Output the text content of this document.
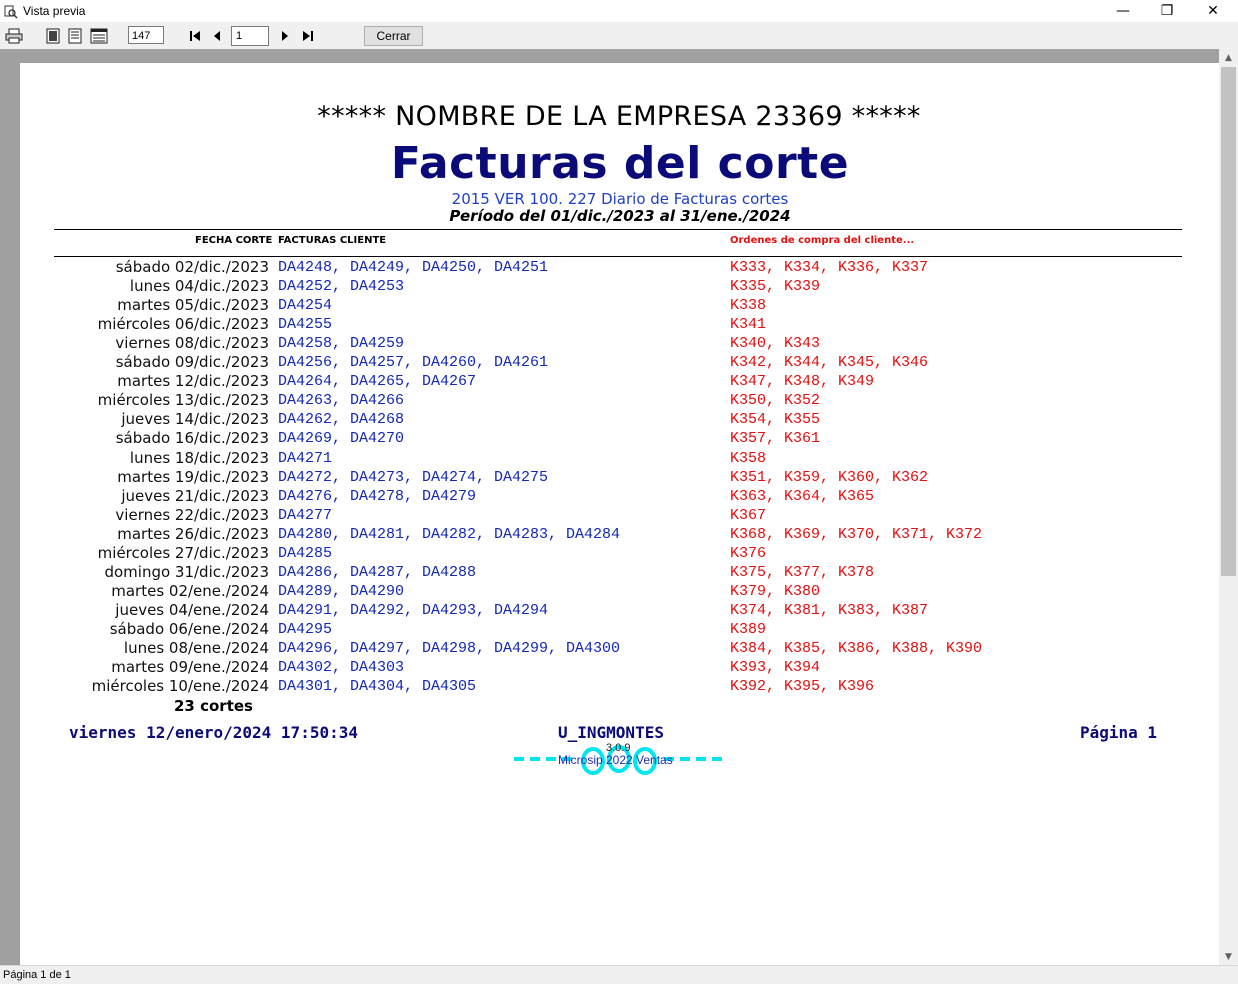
Vista previa	— ❐ ✕
147	1	Cerrar
***** NOMBRE DE LA EMPRESA 23369 *****
Facturas del corte
2015 VER 100. 227 Diario de Facturas cortes
Período del 01/dic./2023 al 31/ene./2024
FECHA CORTE FACTURAS CLIENTE	Ordenes de compra del cliente...
sábado 02/dic./2023 DA4248, DA4249, DA4250, DA4251	K333, K334, K336, K337
lunes 04/dic./2023 DA4252, DA4253	K335, K339
martes 05/dic./2023 DA4254	K338
miércoles 06/dic./2023 DA4255	K341
viernes 08/dic./2023 DA4258, DA4259	K340, K343
sábado 09/dic./2023 DA4256, DA4257, DA4260, DA4261	K342, K344, K345, K346
martes 12/dic./2023 DA4264, DA4265, DA4267	K347, K348, K349
miércoles 13/dic./2023 DA4263, DA4266	K350, K352
jueves 14/dic./2023 DA4262, DA4268	K354, K355
sábado 16/dic./2023 DA4269, DA4270	K357, K361
lunes 18/dic./2023 DA4271	K358
martes 19/dic./2023 DA4272, DA4273, DA4274, DA4275	K351, K359, K360, K362
jueves 21/dic./2023 DA4276, DA4278, DA4279	K363, K364, K365
viernes 22/dic./2023 DA4277	K367
martes 26/dic./2023 DA4280, DA4281, DA4282, DA4283, DA4284	K368, K369, K370, K371, K372
miércoles 27/dic./2023 DA4285	K376
domingo 31/dic./2023 DA4286, DA4287, DA4288	K375, K377, K378
martes 02/ene./2024 DA4289, DA4290	K379, K380
jueves 04/ene./2024 DA4291, DA4292, DA4293, DA4294	K374, K381, K383, K387
sábado 06/ene./2024 DA4295	K389
lunes 08/ene./2024 DA4296, DA4297, DA4298, DA4299, DA4300	K384, K385, K386, K388, K390
martes 09/ene./2024 DA4302, DA4303	K393, K394
miércoles 10/ene./2024 DA4301, DA4304, DA4305	K392, K395, K396
23 cortes
viernes 12/enero/2024 17:50:34	U_INGMONTES	Página 1
3.0.9
Microsip 2022 Ventas
▲
▼
Página 1 de 1
